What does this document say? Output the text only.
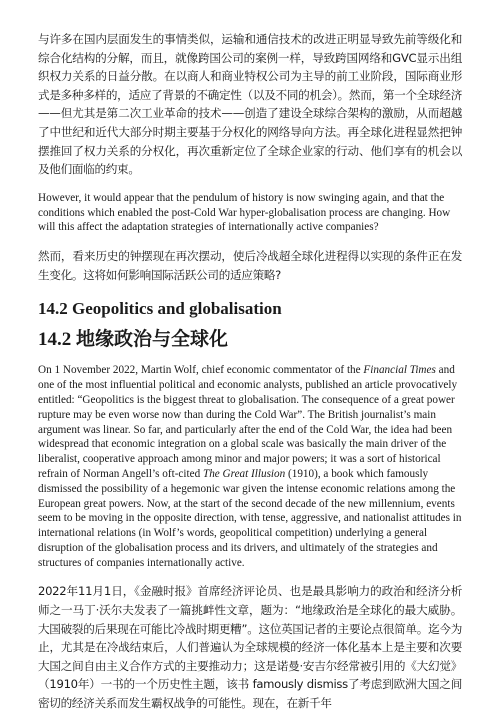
与许多在国内层面发生的事情类似，运输和通信技术的改进正明显导致先前等级化和综合化结构的分解，而且，就像跨国公司的案例一样，导致跨国网络和GVC显示出组织权力关系的日益分散。在以商人和商业特权公司为主导的前工业阶段，国际商业形式是多种多样的，适应了背景的不确定性（以及不同的机会）。然而，第一个全球经济——但尤其是第二次工业革命的技术——创造了建设全球综合架构的激励，从而超越了中世纪和近代大部分时期主要基于分权化的网络导向方法。再全球化进程显然把钟摆推回了权力关系的分权化，再次重新定位了全球企业家的行动、他们享有的机会以及他们面临的约束。

However, it would appear that the pendulum of history is now swinging again, and that the conditions which enabled the post-Cold War hyper-globalisation process are changing. How will this affect the adaptation strategies of internationally active companies?

然而，看来历史的钟摆现在再次摆动，使后冷战超全球化进程得以实现的条件正在发生变化。这将如何影响国际活跃公司的适应策略?

14.2 Geopolitics and globalisation
14.2 地缘政治与全球化

On 1 November 2022, Martin Wolf, chief economic commentator of the Financial Times and one of the most influential political and economic analysts, published an article provocatively entitled: “Geopolitics is the biggest threat to globalisation. The consequence of a great power rupture may be even worse now than during the Cold War”. The British journalist’s main argument was linear. So far, and particularly after the end of the Cold War, the idea had been widespread that economic integration on a global scale was basically the main driver of the liberalist, cooperative approach among minor and major powers; it was a sort of historical refrain of Norman Angell’s oft-cited The Great Illusion (1910), a book which famously dismissed the possibility of a hegemonic war given the intense economic relations among the European great powers. Now, at the start of the second decade of the new millennium, events seem to be moving in the opposite direction, with tense, aggressive, and nationalist attitudes in international relations (in Wolf’s words, geopolitical competition) underlying a general disruption of the globalisation process and its drivers, and ultimately of the strategies and structures of companies internationally active.

2022年11月1日，《金融时报》首席经济评论员、也是最具影响力的政治和经济分析师之一马丁·沃尔夫发表了一篇挑衅性文章，题为：“地缘政治是全球化的最大威胁。大国破裂的后果现在可能比冷战时期更糟”。这位英国记者的主要论点很简单。迄今为止，尤其是在冷战结束后，人们普遍认为全球规模的经济一体化基本上是主要和次要大国之间自由主义合作方式的主要推动力；这是诺曼·安吉尔经常被引用的《大幻觉》（1910年）一书的一个历史性主题，该书 famously dismiss了考虑到欧洲大国之间密切的经济关系而发生霸权战争的可能性。现在，在新千年
